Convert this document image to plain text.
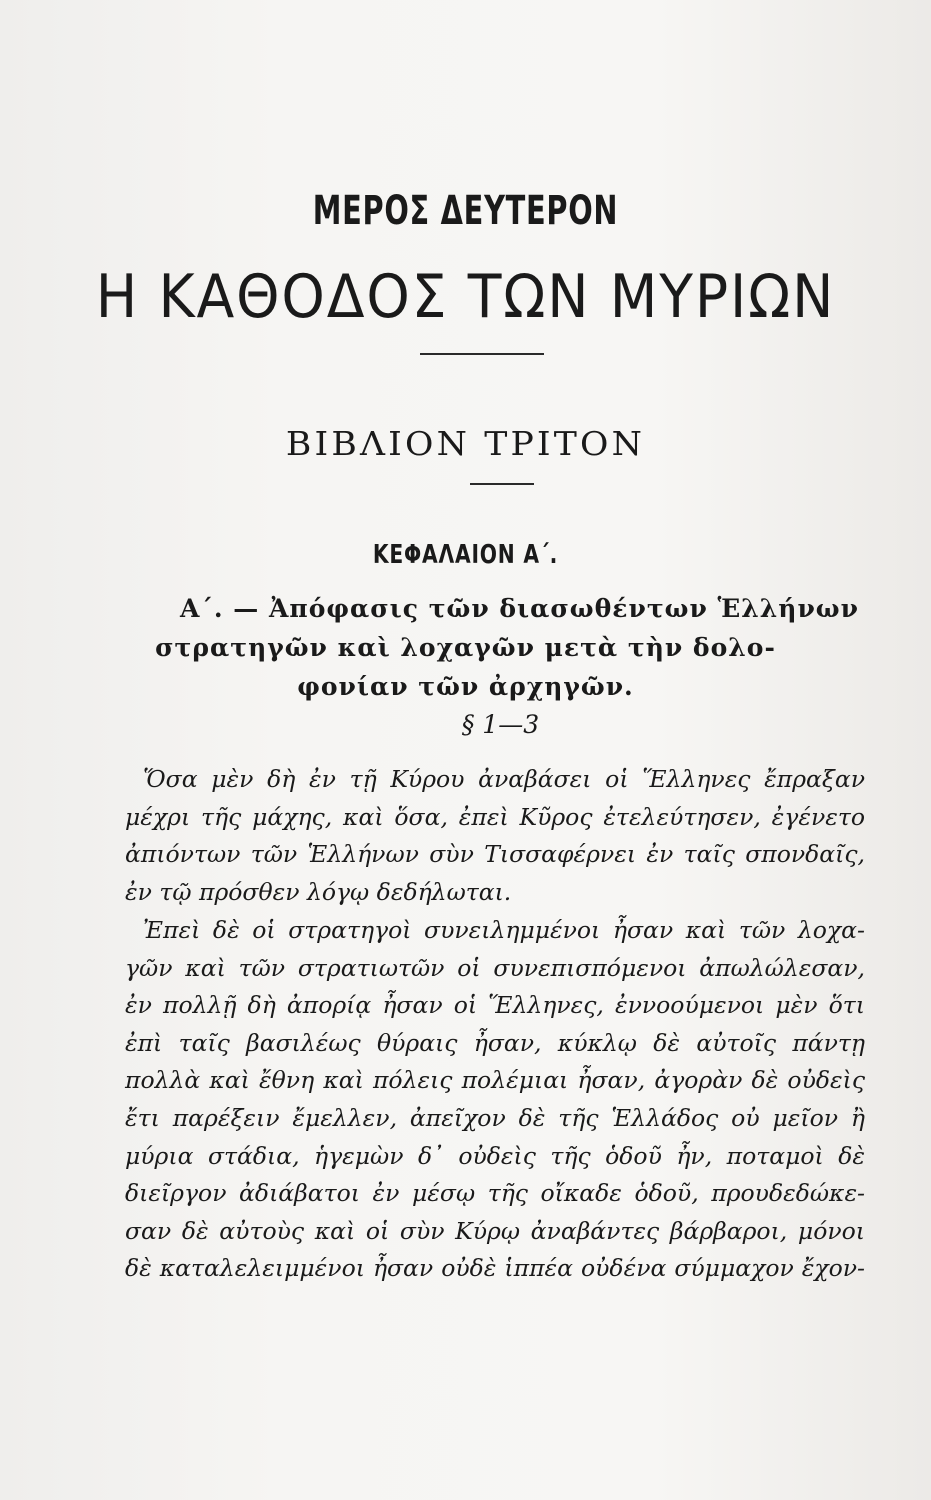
ΜΕΡΟΣ ΔΕΥΤΕΡΟΝ
Η ΚΑΘΟΔΟΣ ΤΩΝ ΜΥΡΙΩΝ
ΒΙΒΛΙΟΝ ΤΡΙΤΟΝ
ΚΕΦΑΛΑΙΟΝ Α΄.
Α΄. — Ἀπόφασις τῶν διασωθέντων Ἑλλήνων
στρατηγῶν καὶ λοχαγῶν μετὰ τὴν δολο-
φονίαν τῶν ἀρχηγῶν.
§ 1—3
Ὅσα μὲν δὴ ἐν τῇ Κύρου ἀναβάσει οἱ Ἕλληνες ἔπραξαν
μέχρι τῆς μάχης, καὶ ὅσα, ἐπεὶ Κῦρος ἐτελεύτησεν, ἐγένετο
ἀπιόντων τῶν Ἑλλήνων σὺν Τισσαφέρνει ἐν ταῖς σπονδαῖς,
ἐν τῷ πρόσθεν λόγῳ δεδήλωται.
Ἐπεὶ δὲ οἱ στρατηγοὶ συνειλημμένοι ἦσαν καὶ τῶν λοχα-
γῶν καὶ τῶν στρατιωτῶν οἱ συνεπισπόμενοι ἀπωλώλεσαν,
ἐν πολλῇ δὴ ἀπορίᾳ ἦσαν οἱ Ἕλληνες, ἐννοούμενοι μὲν ὅτι
ἐπὶ ταῖς βασιλέως θύραις ἦσαν, κύκλῳ δὲ αὐτοῖς πάντῃ
πολλὰ καὶ ἔθνη καὶ πόλεις πολέμιαι ἦσαν, ἀγορὰν δὲ οὐδεὶς
ἔτι παρέξειν ἔμελλεν, ἀπεῖχον δὲ τῆς Ἑλλάδος οὐ μεῖον ἢ
μύρια στάδια, ἡγεμὼν δ᾽ οὐδεὶς τῆς ὁδοῦ ἦν, ποταμοὶ δὲ
διεῖργον ἀδιάβατοι ἐν μέσῳ τῆς οἴκαδε ὁδοῦ, προυδεδώκε-
σαν δὲ αὐτοὺς καὶ οἱ σὺν Κύρῳ ἀναβάντες βάρβαροι, μόνοι
δὲ καταλελειμμένοι ἦσαν οὐδὲ ἱππέα οὐδένα σύμμαχον ἔχον-
